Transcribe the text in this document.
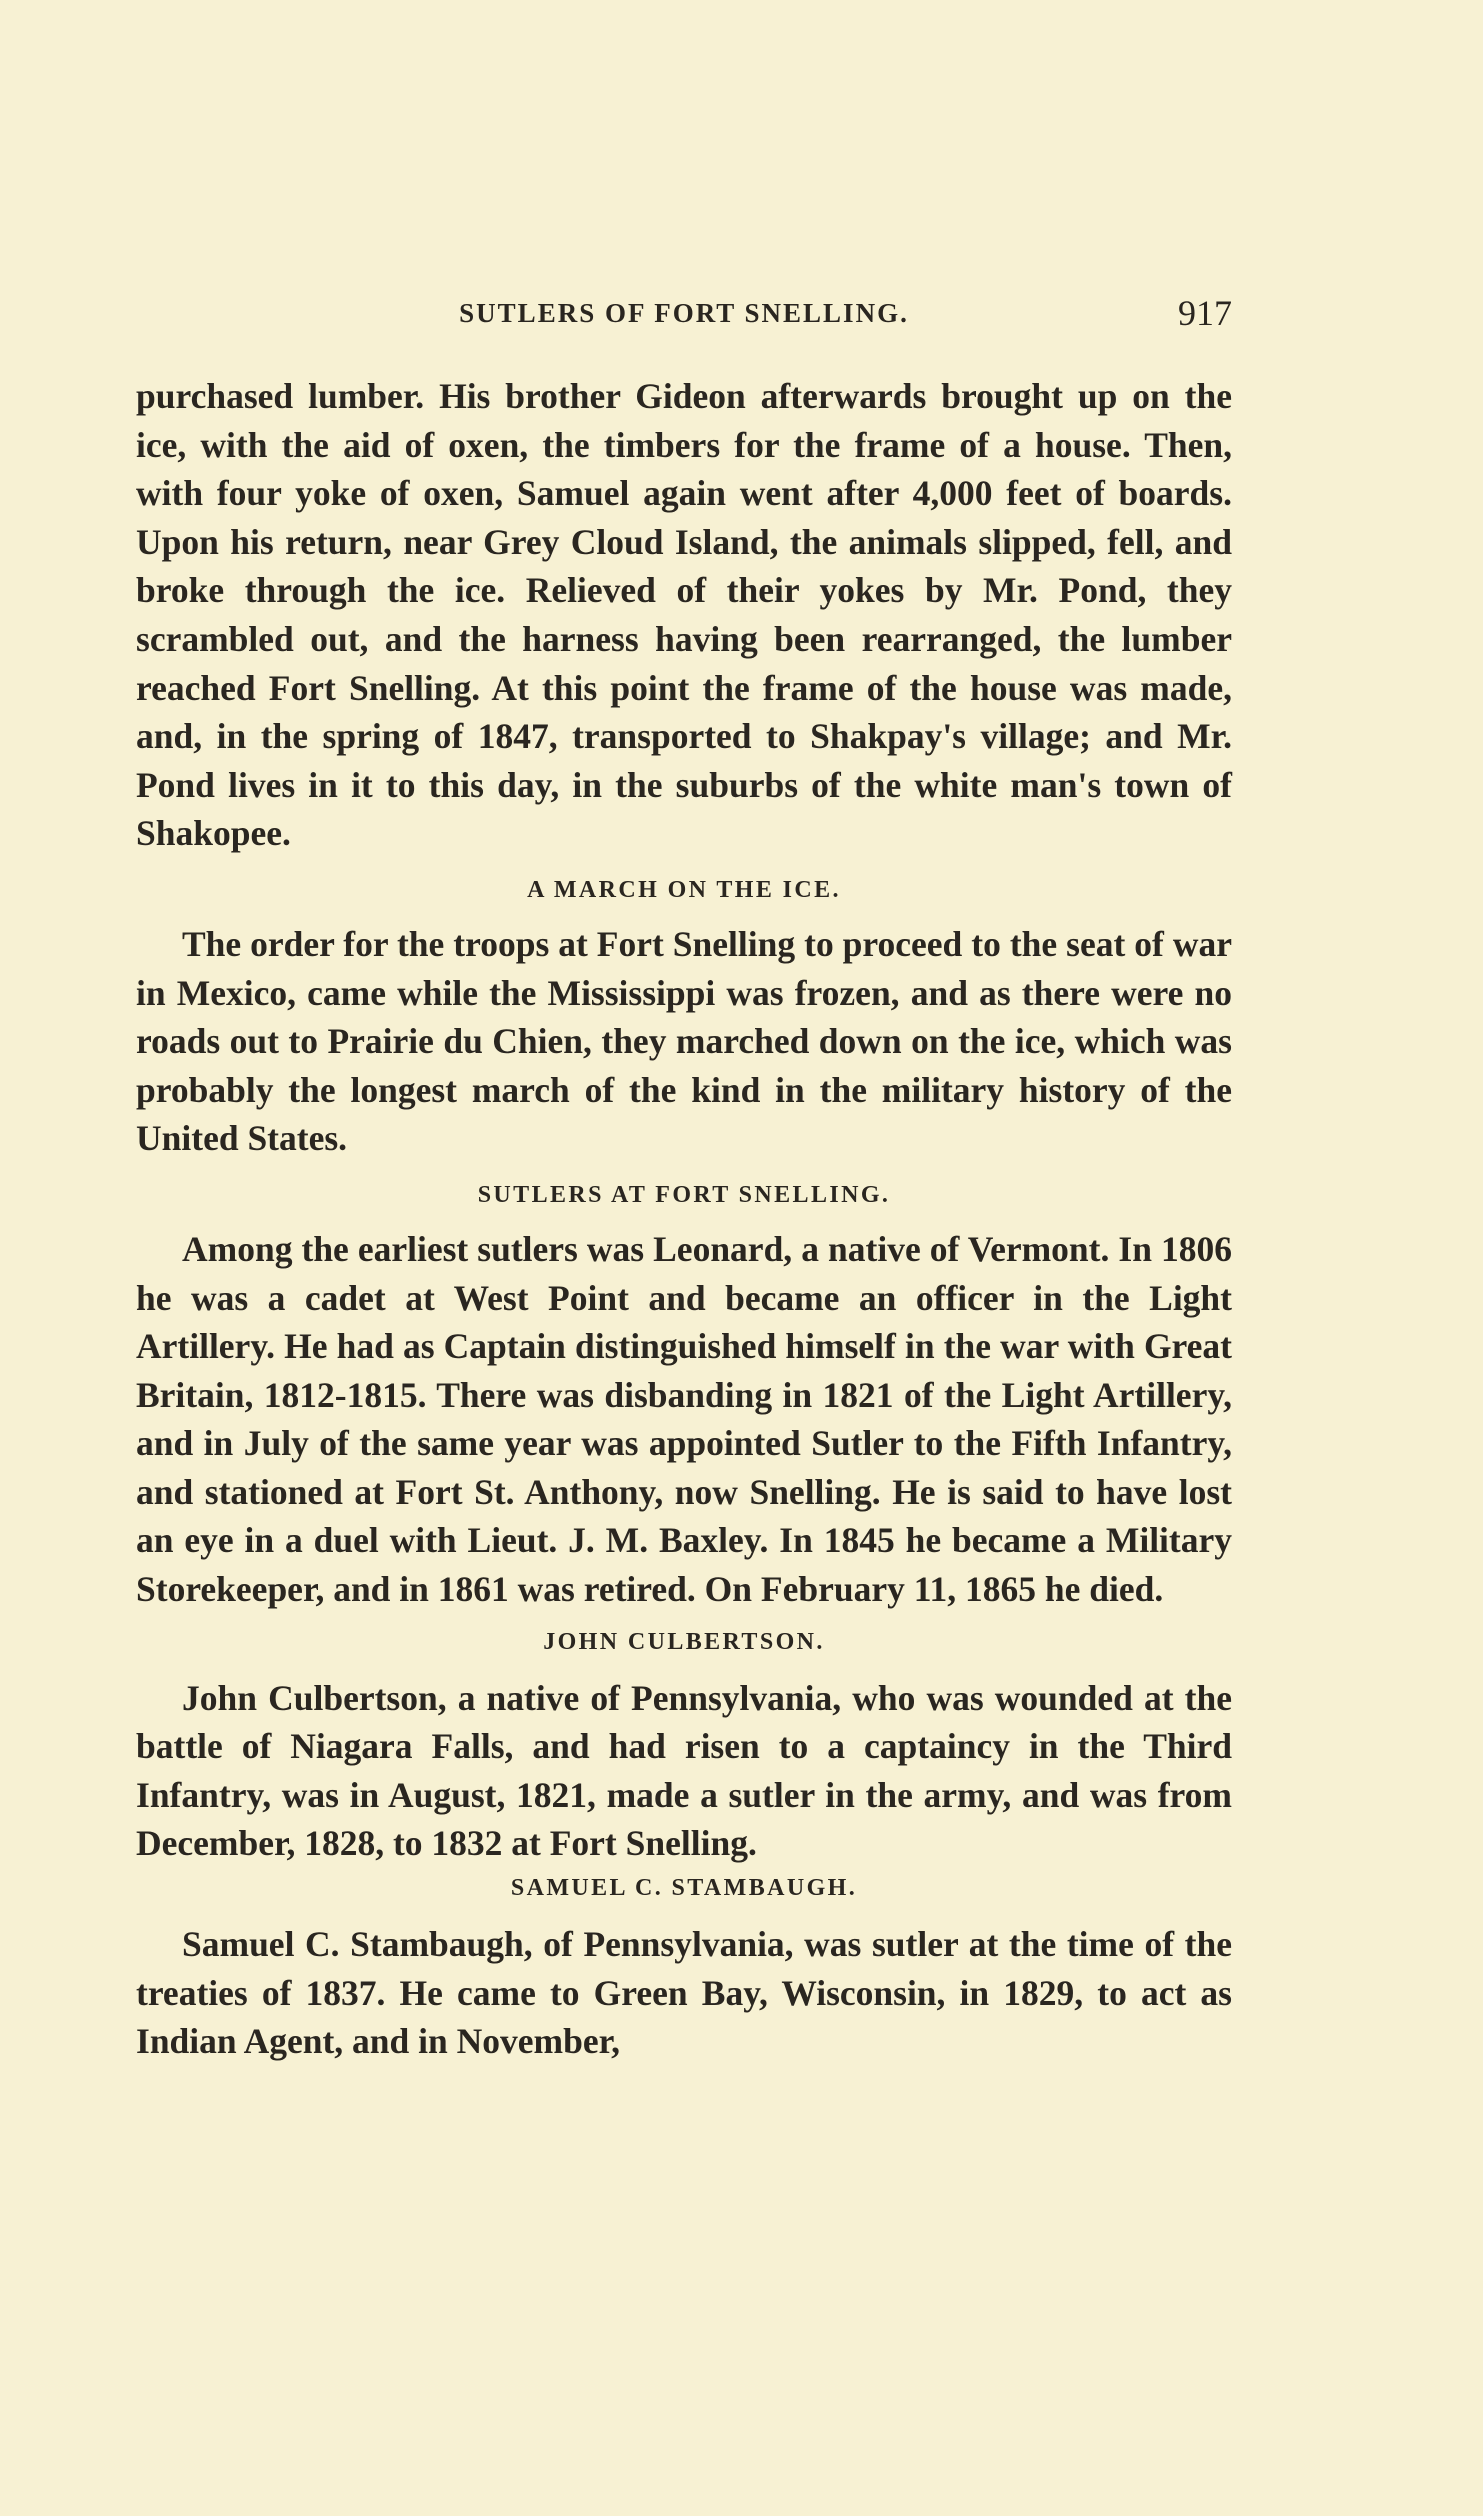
SUTLERS OF FORT SNELLING.	917

purchased lumber. His brother Gideon afterwards brought up on the ice, with the aid of oxen, the timbers for the frame of a house. Then, with four yoke of oxen, Samuel again went after 4,000 feet of boards. Upon his return, near Grey Cloud Island, the animals slipped, fell, and broke through the ice. Relieved of their yokes by Mr. Pond, they scrambled out, and the harness having been rearranged, the lumber reached Fort Snelling. At this point the frame of the house was made, and, in the spring of 1847, transported to Shakpay's village; and Mr. Pond lives in it to this day, in the suburbs of the white man's town of Shakopee.

A MARCH ON THE ICE.

The order for the troops at Fort Snelling to proceed to the seat of war in Mexico, came while the Mississippi was frozen, and as there were no roads out to Prairie du Chien, they marched down on the ice, which was probably the longest march of the kind in the military history of the United States.

SUTLERS AT FORT SNELLING.

Among the earliest sutlers was Leonard, a native of Vermont. In 1806 he was a cadet at West Point and became an officer in the Light Artillery. He had as Captain distinguished himself in the war with Great Britain, 1812-1815. There was disbanding in 1821 of the Light Artillery, and in July of the same year was appointed Sutler to the Fifth Infantry, and stationed at Fort St. Anthony, now Snelling. He is said to have lost an eye in a duel with Lieut. J. M. Baxley. In 1845 he became a Military Storekeeper, and in 1861 was retired. On February 11, 1865 he died.

JOHN CULBERTSON.

John Culbertson, a native of Pennsylvania, who was wounded at the battle of Niagara Falls, and had risen to a captaincy in the Third Infantry, was in August, 1821, made a sutler in the army, and was from December, 1828, to 1832 at Fort Snelling.

SAMUEL C. STAMBAUGH.

Samuel C. Stambaugh, of Pennsylvania, was sutler at the time of the treaties of 1837. He came to Green Bay, Wisconsin, in 1829, to act as Indian Agent, and in November,
